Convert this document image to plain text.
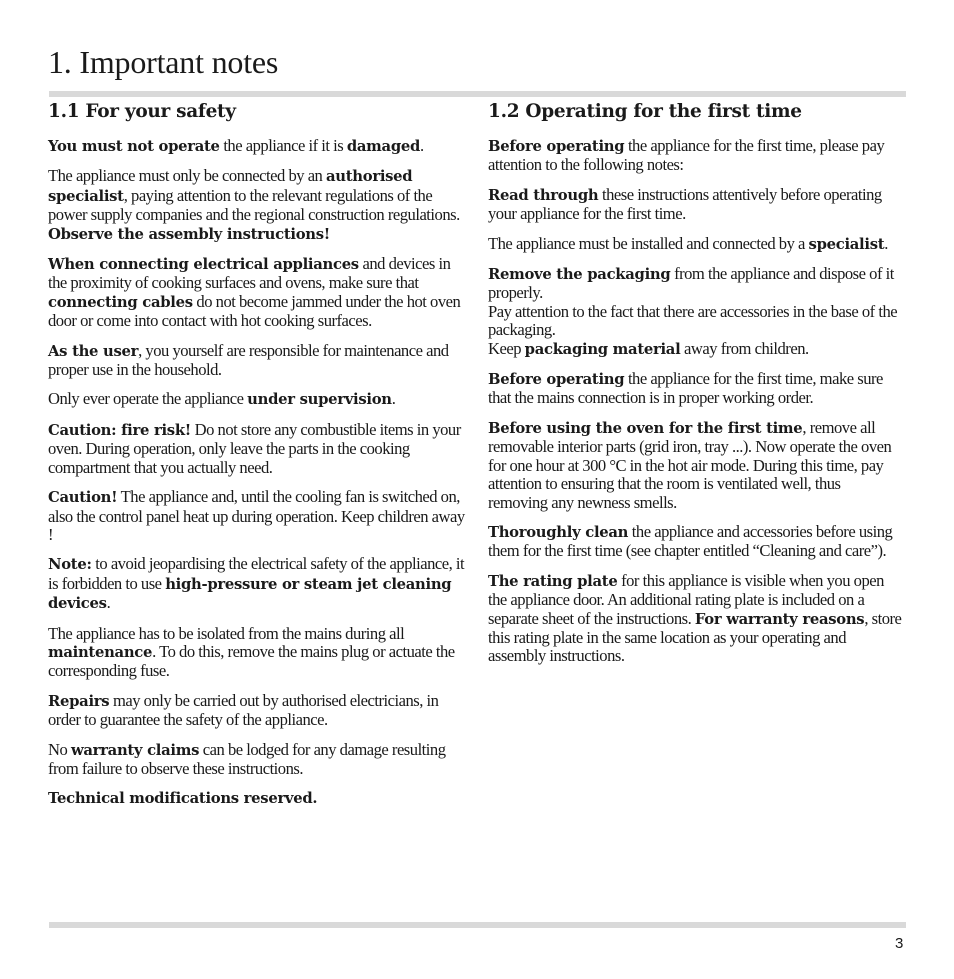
1. Important notes
1.1 For your safety

You must not operate the appliance if it is damaged.

The appliance must only be connected by an authorised specialist, paying attention to the relevant regulations of the power supply companies and the regional construction regulations.
Observe the assembly instructions!

When connecting electrical appliances and devices in the proximity of cooking surfaces and ovens, make sure that connecting cables do not become jammed under the hot oven door or come into contact with hot cooking surfaces.

As the user, you yourself are responsible for maintenance and proper use in the household.

Only ever operate the appliance under supervision.

Caution: fire risk! Do not store any combustible items in your oven. During operation, only leave the parts in the cooking compartment that you actually need.

Caution! The appliance and, until the cooling fan is switched on, also the control panel heat up during operation. Keep children away !

Note: to avoid jeopardising the electrical safety of the appliance, it is forbidden to use high-pressure or steam jet cleaning devices.

The appliance has to be isolated from the mains during all maintenance. To do this, remove the mains plug or actuate the corresponding fuse.

Repairs may only be carried out by authorised electricians, in order to guarantee the safety of the appliance.

No warranty claims can be lodged for any damage resulting from failure to observe these instructions.

Technical modifications reserved.

1.2 Operating for the first time

Before operating the appliance for the first time, please pay attention to the following notes:

Read through these instructions attentively before operating your appliance for the first time.

The appliance must be installed and connected by a specialist.

Remove the packaging from the appliance and dispose of it properly.
Pay attention to the fact that there are accessories in the base of the packaging.
Keep packaging material away from children.

Before operating the appliance for the first time, make sure that the mains connection is in proper working order.

Before using the oven for the first time, remove all removable interior parts (grid iron, tray ...). Now operate the oven for one hour at 300 °C in the hot air mode. During this time, pay attention to ensuring that the room is ventilated well, thus removing any newness smells.

Thoroughly clean the appliance and accessories before using them for the first time (see chapter entitled “Cleaning and care”).

The rating plate for this appliance is visible when you open the appliance door. An additional rating plate is included on a separate sheet of the instructions. For warranty reasons, store this rating plate in the same location as your operating and assembly instructions.

3
